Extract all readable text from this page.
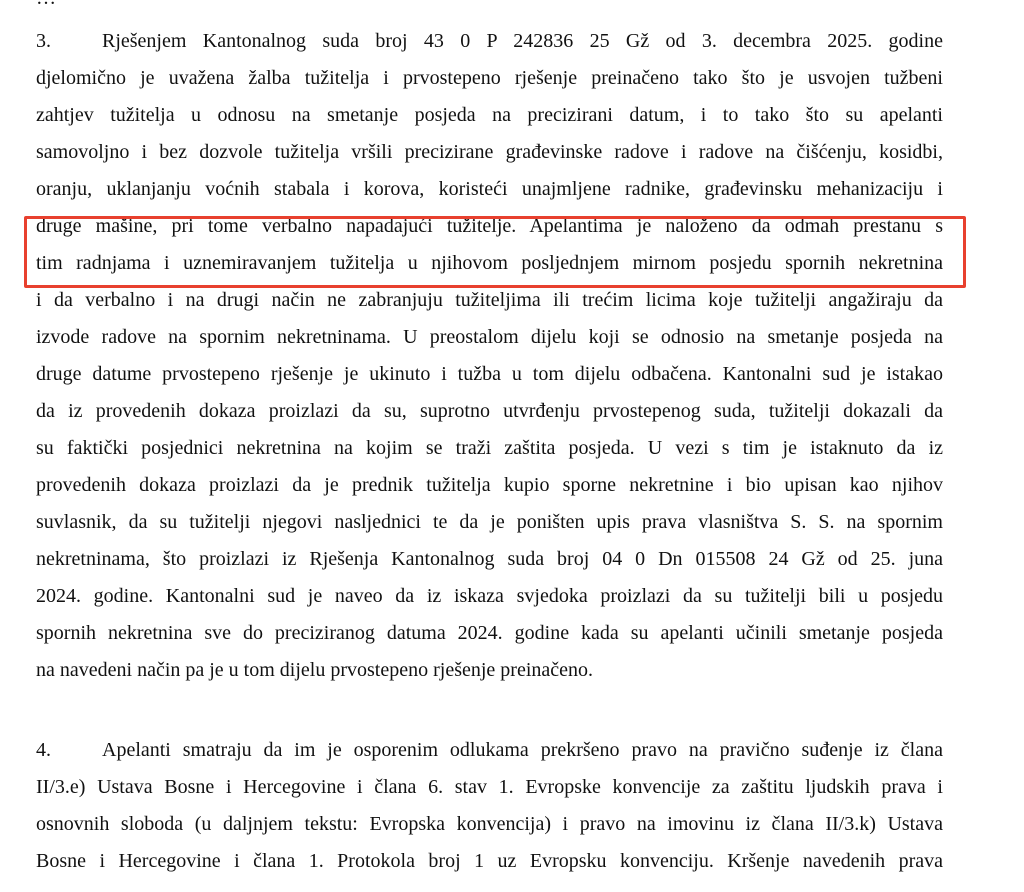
3.	Rješenjem Kantonalnog suda broj 43 0 P 242836 25 Gž od 3. decembra 2025. godine
djelomično je uvažena žalba tužitelja i prvostepeno rješenje preinačeno tako što je usvojen tužbeni
zahtjev tužitelja u odnosu na smetanje posjeda na precizirani datum, i to tako što su apelanti
samovoljno i bez dozvole tužitelja vršili precizirane građevinske radove i radove na čišćenju, kosidbi,
oranju, uklanjanju voćnih stabala i korova, koristeći unajmljene radnike, građevinsku mehanizaciju i
druge mašine, pri tome verbalno napadajući tužitelje. Apelantima je naloženo da odmah prestanu s
tim radnjama i uznemiravanjem tužitelja u njihovom posljednjem mirnom posjedu spornih nekretnina
i da verbalno i na drugi način ne zabranjuju tužiteljima ili trećim licima koje tužitelji angažiraju da
izvode radove na spornim nekretninama. U preostalom dijelu koji se odnosio na smetanje posjeda na
druge datume prvostepeno rješenje je ukinuto i tužba u tom dijelu odbačena. Kantonalni sud je istakao
da iz provedenih dokaza proizlazi da su, suprotno utvrđenju prvostepenog suda, tužitelji dokazali da
su faktički posjednici nekretnina na kojim se traži zaštita posjeda. U vezi s tim je istaknuto da iz
provedenih dokaza proizlazi da je prednik tužitelja kupio sporne nekretnine i bio upisan kao njihov
suvlasnik, da su tužitelji njegovi nasljednici te da je poništen upis prava vlasništva S. S. na spornim
nekretninama, što proizlazi iz Rješenja Kantonalnog suda broj 04 0 Dn 015508 24 Gž od 25. juna
2024. godine. Kantonalni sud je naveo da iz iskaza svjedoka proizlazi da su tužitelji bili u posjedu
spornih nekretnina sve do preciziranog datuma 2024. godine kada su apelanti učinili smetanje posjeda
na navedeni način pa je u tom dijelu prvostepeno rješenje preinačeno.
4.	Apelanti smatraju da im je osporenim odlukama prekršeno pravo na pravično suđenje iz člana
II/3.e) Ustava Bosne i Hercegovine i člana 6. stav 1. Evropske konvencije za zaštitu ljudskih prava i
osnovnih sloboda (u daljnjem tekstu: Evropska konvencija) i pravo na imovinu iz člana II/3.k) Ustava
Bosne i Hercegovine i člana 1. Protokola broj 1 uz Evropsku konvenciju. Kršenje navedenih prava
